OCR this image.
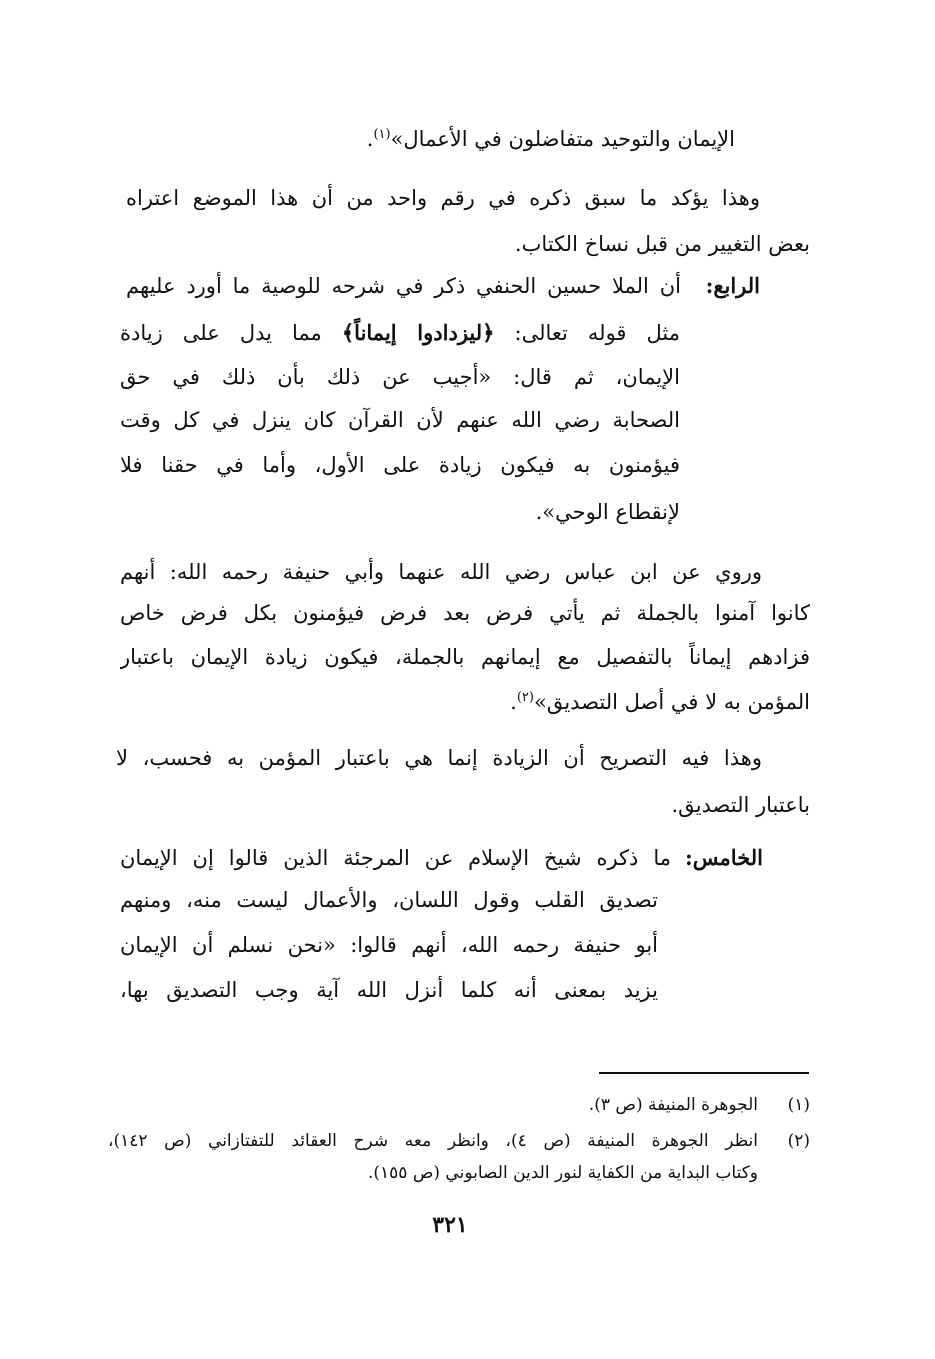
الإيمان والتوحيد متفاضلون في الأعمال»$^{(١)}$.
وهذا يؤكد ما سبق ذكره في رقم واحد من أن هذا الموضع اعتراه
بعض التغيير من قبل نساخ الكتاب.
الرابع:
أن الملا حسين الحنفي ذكر في شرحه للوصية ما أورد عليهم
مثل قوله تعالى: ﴿ليزدادوا إيماناً﴾ مما يدل على زيادة
الإيمان، ثم قال: «أجيب عن ذلك بأن ذلك في حق
الصحابة رضي الله عنهم لأن القرآن كان ينزل في كل وقت
فيؤمنون به فيكون زيادة على الأول، وأما في حقنا فلا
لإنقطاع الوحي».
وروي عن ابن عباس رضي الله عنهما وأبي حنيفة رحمه الله: أنهم
كانوا آمنوا بالجملة ثم يأتي فرض بعد فرض فيؤمنون بكل فرض خاص
فزادهم إيماناً بالتفصيل مع إيمانهم بالجملة، فيكون زيادة الإيمان باعتبار
المؤمن به لا في أصل التصديق»$^{(٢)}$.
وهذا فيه التصريح أن الزيادة إنما هي باعتبار المؤمن به فحسب، لا
باعتبار التصديق.
الخامس:
ما ذكره شيخ الإسلام عن المرجئة الذين قالوا إن الإيمان
تصديق القلب وقول اللسان، والأعمال ليست منه، ومنهم
أبو حنيفة رحمه الله، أنهم قالوا: «نحن نسلم أن الإيمان
يزيد بمعنى أنه كلما أنزل الله آية وجب التصديق بها،
(١)
الجوهرة المنيفة (ص ٣).
(٢)
انظر الجوهرة المنيفة (ص ٤)، وانظر معه شرح العقائد للتفتازاني (ص ١٤٢)،
وكتاب البداية من الكفاية لنور الدين الصابوني (ص ١٥٥).
٣٢١
